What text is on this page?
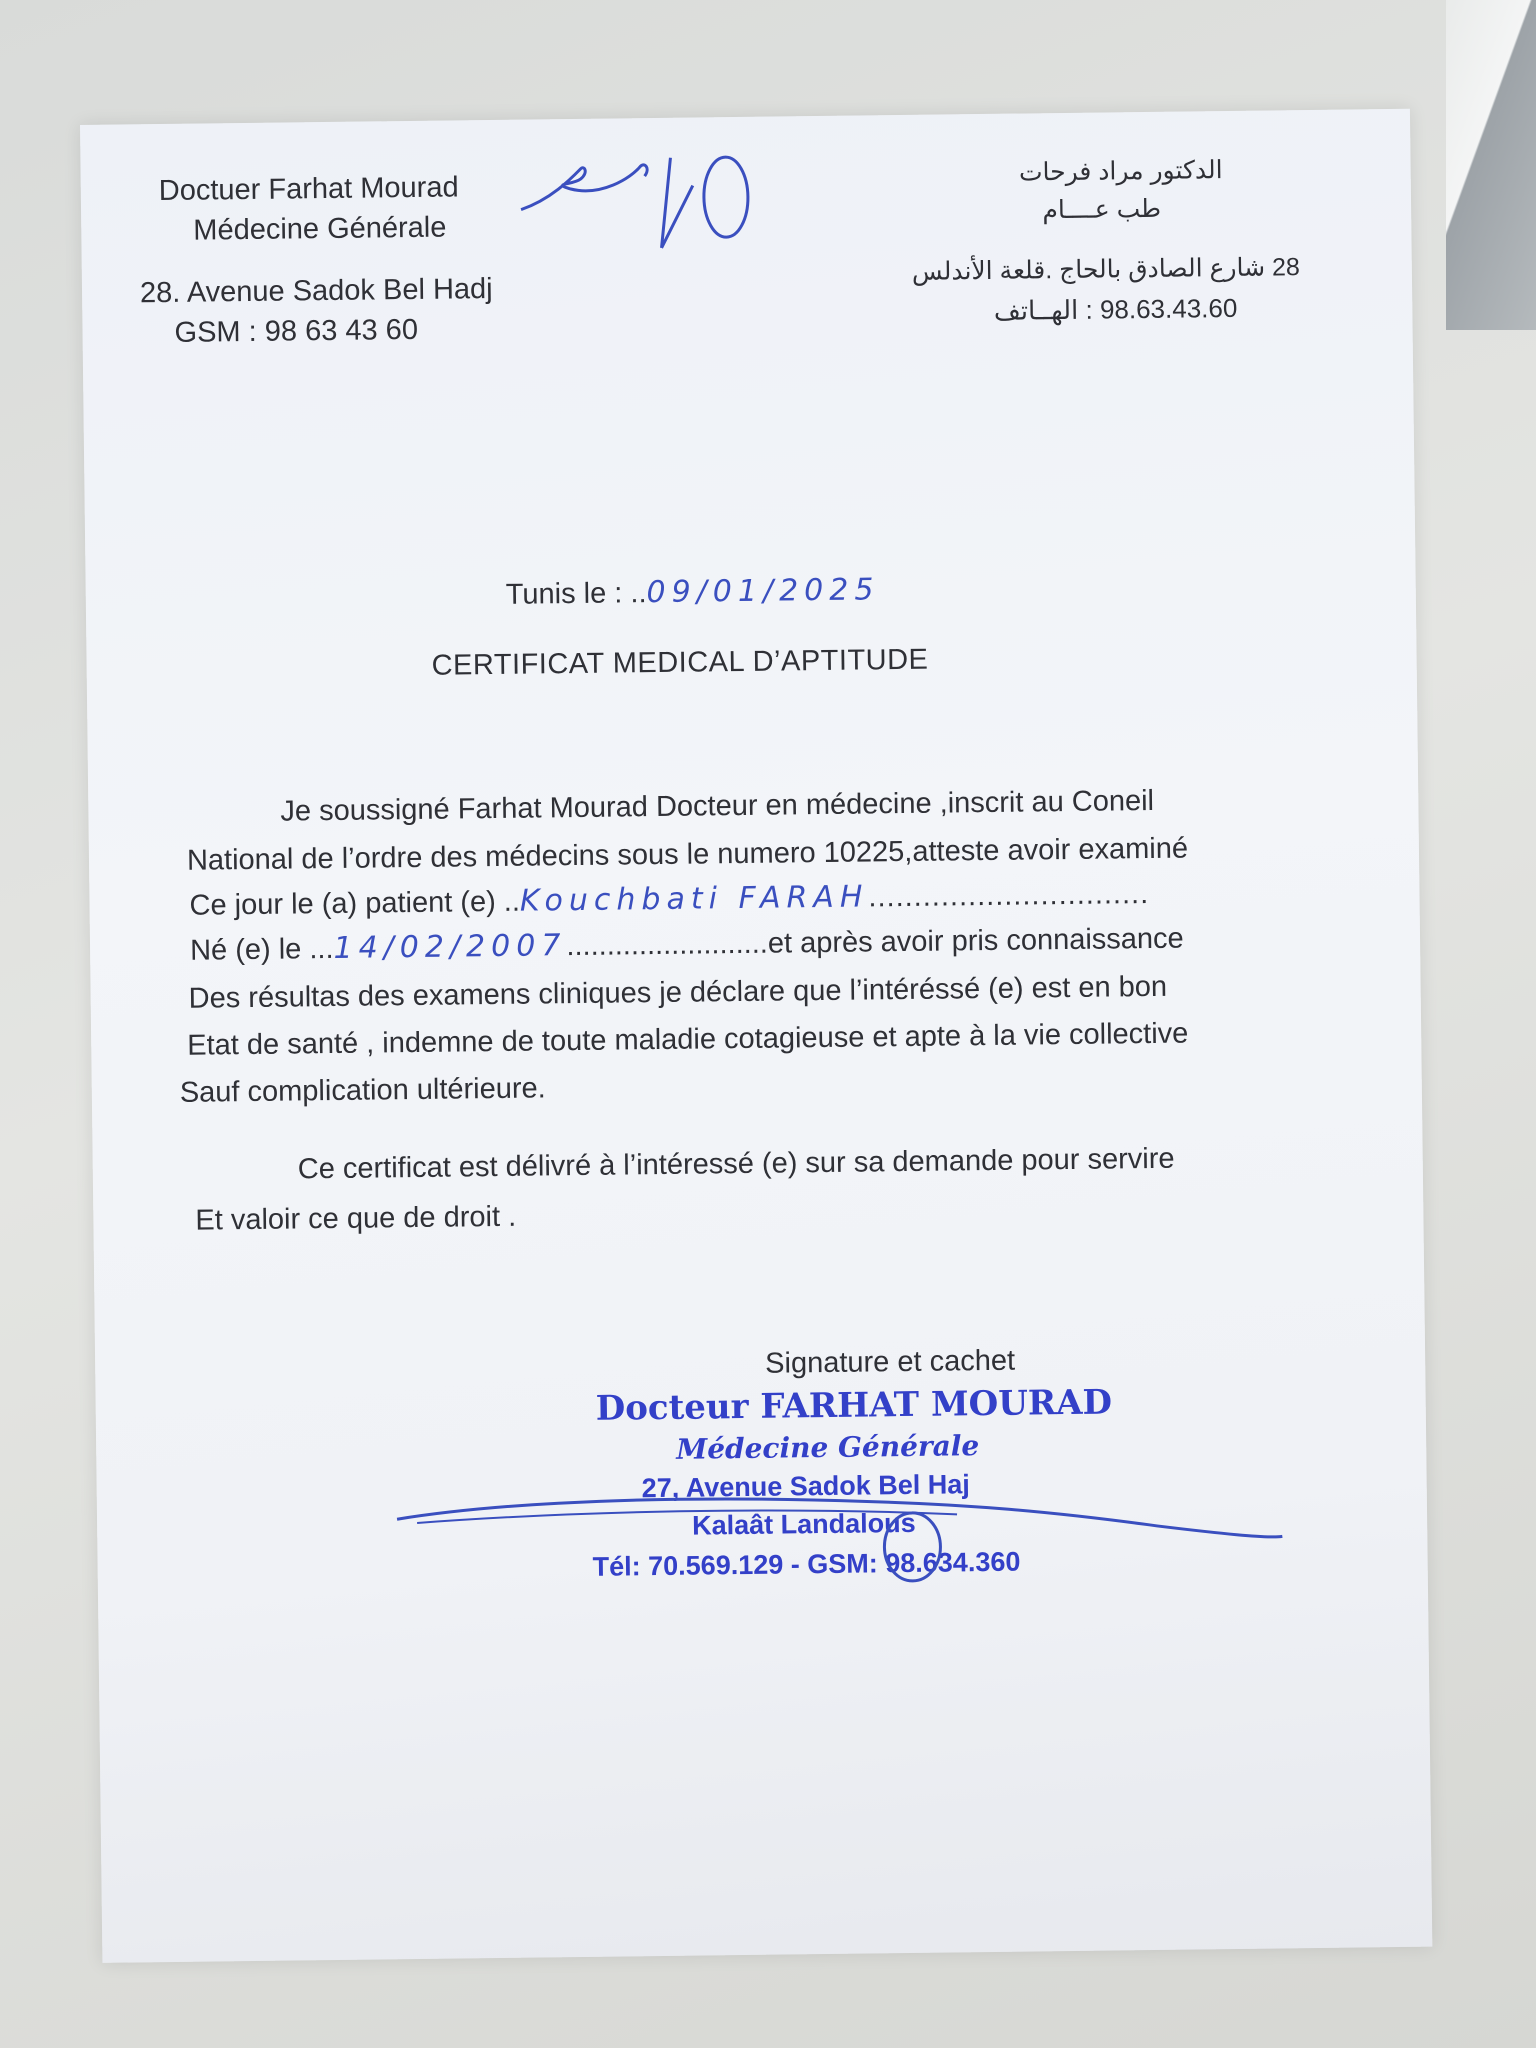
Doctuer Farhat Mourad
Médecine Générale
28. Avenue Sadok Bel Hadj
GSM : 98 63 43 60
الدكتور مراد فرحات
طب عــــام
28 شارع الصادق بالحاج .قلعة الأندلس
98.63.43.60 : الهــاتف
Tunis le : ..09/01/2025
CERTIFICAT MEDICAL D’APTITUDE
Je soussigné Farhat Mourad Docteur en médecine ,inscrit au Coneil
National de l’ordre des médecins sous le numero 10225,atteste avoir examiné
Ce jour le (a) patient (e) ..Kouchbati FARAH...............................
Né (e) le ...14/02/2007.........................et après avoir pris connaissance
Des résultas des examens cliniques je déclare que l’intéréssé (e) est en bon
Etat de santé , indemne de toute maladie cotagieuse et apte à la vie collective
Sauf complication ultérieure.
Ce certificat est délivré à l’intéressé (e) sur sa demande pour servire
Et valoir ce que de droit .
Signature et cachet
Docteur FARHAT MOURAD
Médecine Générale
27, Avenue Sadok Bel Haj
Kalaât Landalous
Tél: 70.569.129 - GSM: 98.634.360
